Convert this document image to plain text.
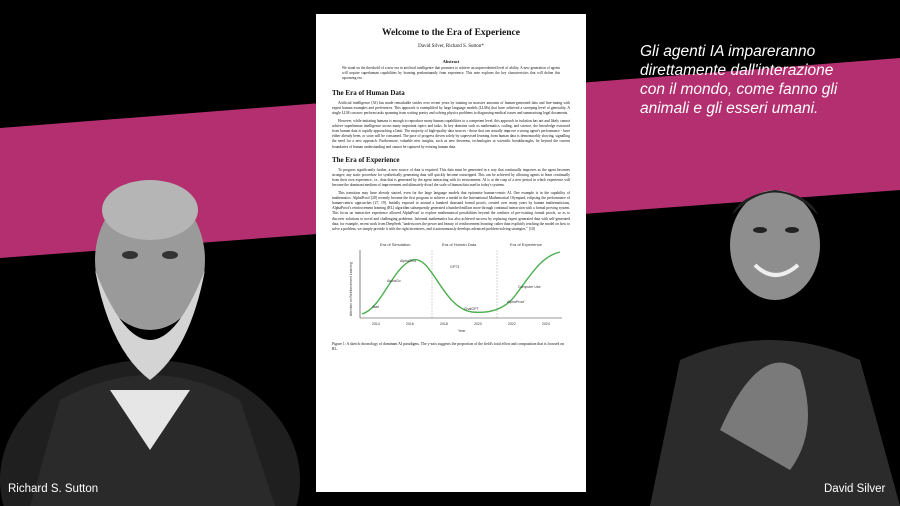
Gli agenti IA impareranno
direttamente dall'interazione
con il mondo, come fanno gli
animali e gli esseri umani.
Welcome to the Era of Experience
David Silver, Richard S. Sutton*
Abstract
We stand on the threshold of a new era in artificial intelligence that promises to achieve an unprecedented level of ability. A new generation of agents will acquire superhuman capabilities by learning predominantly from experience. This note explores the key characteristics that will define this upcoming era.
The Era of Human Data

Artificial intelligence (AI) has made remarkable strides over recent years by training on massive amounts of human-generated data and fine-tuning with expert human examples and preferences. This approach is exemplified by large language models (LLMs) that have achieved a sweeping level of generality. A single LLM can now perform tasks spanning from writing poetry and solving physics problems to diagnosing medical issues and summarising legal documents.

However, while imitating humans is enough to reproduce many human capabilities to a competent level, this approach in isolation has not and likely cannot achieve superhuman intelligence across many important topics and tasks. In key domains such as mathematics, coding, and science, the knowledge extracted from human data is rapidly approaching a limit. The majority of high-quality data sources - those that can actually improve a strong agent's performance - have either already been, or soon will be consumed. The pace of progress driven solely by supervised learning from human data is demonstrably slowing, signalling the need for a new approach. Furthermore, valuable new insights, such as new theorems, technologies or scientific breakthroughs, lie beyond the current boundaries of human understanding and cannot be captured by existing human data.

The Era of Experience

To progress significantly further, a new source of data is required. This data must be generated in a way that continually improves as the agent becomes stronger; any static procedure for synthetically generating data will quickly become outstripped. This can be achieved by allowing agents to learn continually from their own experience, i.e., data that is generated by the agent interacting with its environment. AI is at the cusp of a new period in which experience will become the dominant medium of improvement and ultimately dwarf the scale of human data used in today's systems.

This transition may have already started, even for the large language models that epitomise human-centric AI. One example is in the capability of mathematics. AlphaProof [20] recently became the first program to achieve a medal in the International Mathematical Olympiad, eclipsing the performance of human-centric approaches [27, 19]. Initially exposed to around a hundred thousand formal proofs, created over many years by human mathematicians, AlphaProof's reinforcement learning (RL) algorithm subsequently generated a hundred million more through continual interaction with a formal proving system. This focus on interactive experience allowed AlphaProof to explore mathematical possibilities beyond the confines of pre-existing formal proofs, so as to discover solutions to novel and challenging problems. Informal mathematics has also achieved success by replacing expert generated data with self-generated data; for example, recent work from DeepSeek "underscores the power and beauty of reinforcement learning: rather than explicitly teaching the model on how to solve a problem, we simply provide it with the right incentives, and it autonomously develops advanced problem-solving strategies." [10]

Era of Simulation	Era of Human Data	Era of Experience
Attention on Reinforcement Learning	Atari
AlphaGo
AlphaZero
GPT3
ChatGPT
AlphaProof
Computer Use
2014	2016	2018	2020	2022	2024
Year
Figure 1: A sketch chronology of dominant AI paradigms. The y-axis suggests the proportion of the field's total effort and computation that is focused on RL.
Richard S. Sutton	David Silver
